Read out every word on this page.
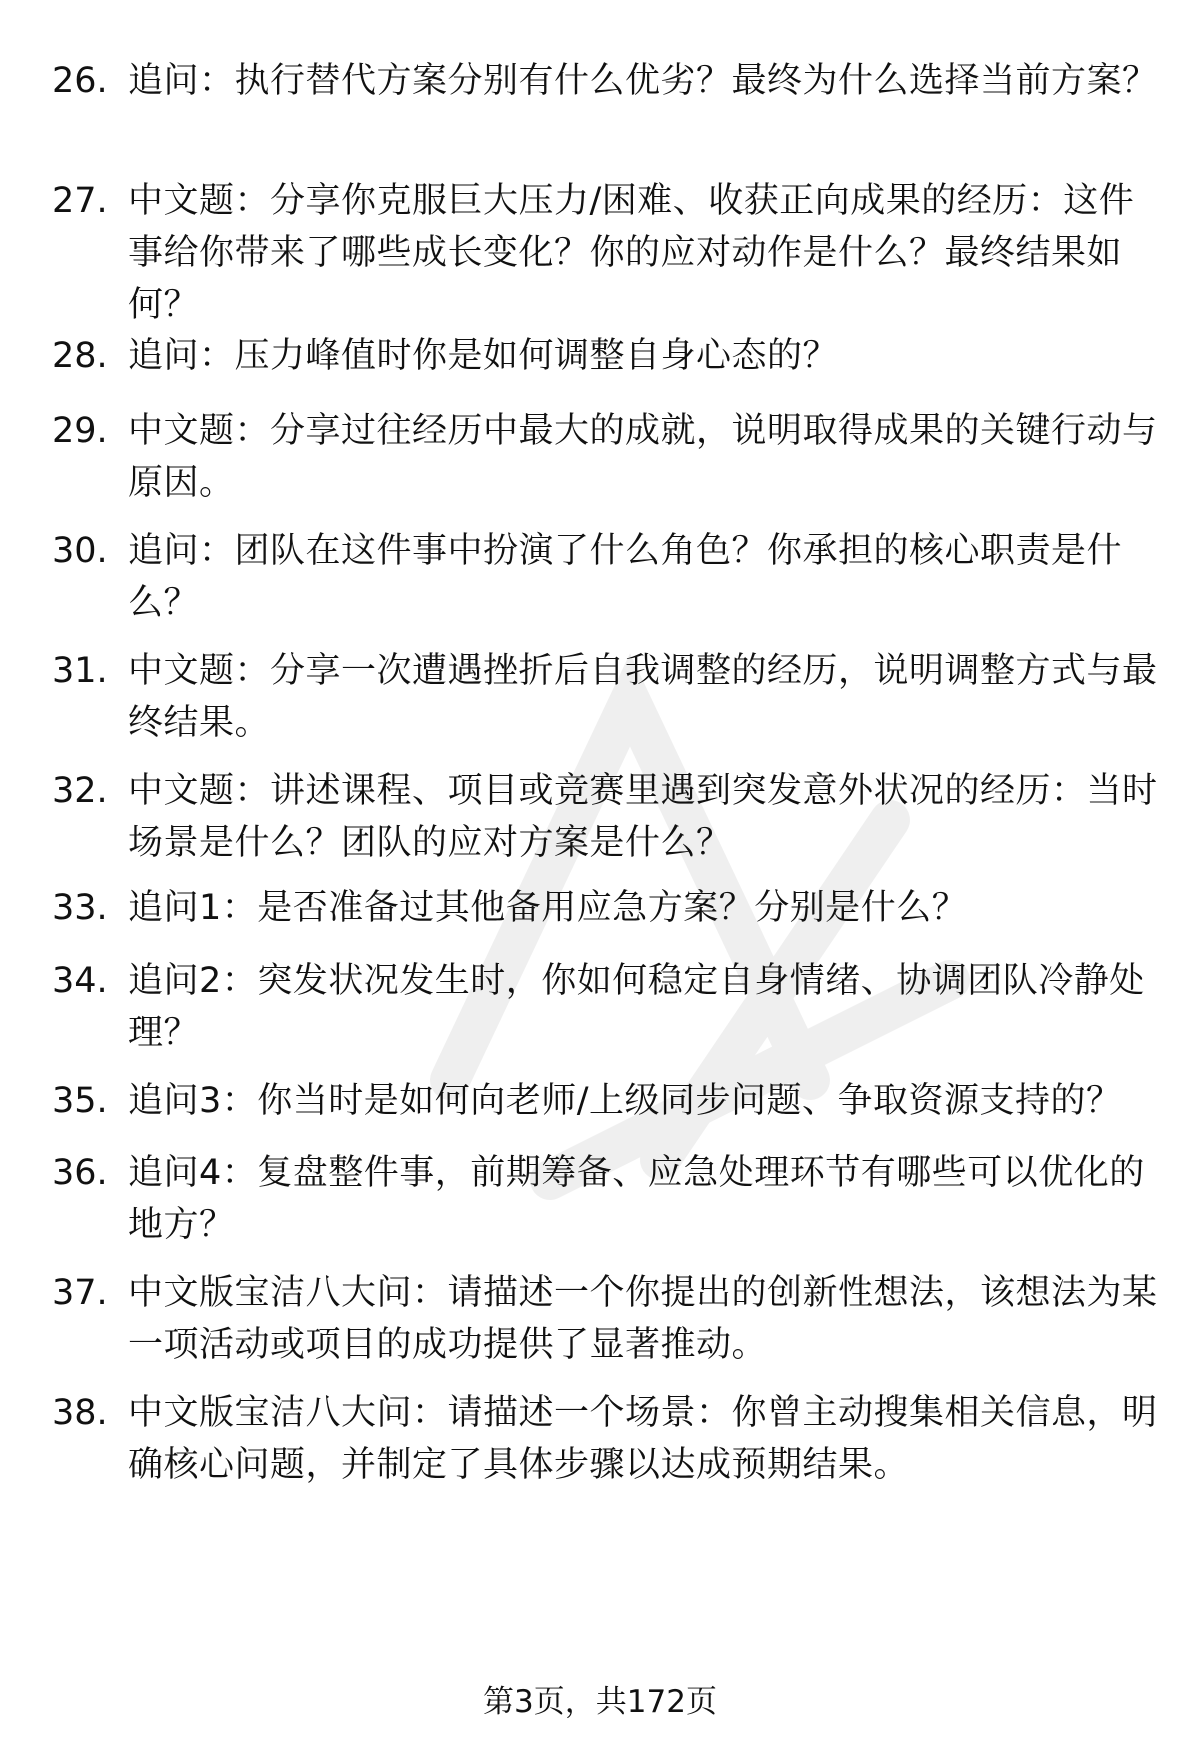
26. 追问：执行替代方案分别有什么优劣？最终为什么选择当前方案？
27. 中文题：分享你克服巨大压力/困难、收获正向成果的经历：这件事给你带来了哪些成长变化？你的应对动作是什么？最终结果如何？
28. 追问：压力峰值时你是如何调整自身心态的？
29. 中文题：分享过往经历中最大的成就，说明取得成果的关键行动与原因。
30. 追问：团队在这件事中扮演了什么角色？你承担的核心职责是什么？
31. 中文题：分享一次遭遇挫折后自我调整的经历，说明调整方式与最终结果。
32. 中文题：讲述课程、项目或竞赛里遇到突发意外状况的经历：当时场景是什么？团队的应对方案是什么？
33. 追问1：是否准备过其他备用应急方案？分别是什么？
34. 追问2：突发状况发生时，你如何稳定自身情绪、协调团队冷静处理？
35. 追问3：你当时是如何向老师/上级同步问题、争取资源支持的？
36. 追问4：复盘整件事，前期筹备、应急处理环节有哪些可以优化的地方？
37. 中文版宝洁八大问：请描述一个你提出的创新性想法，该想法为某一项活动或项目的成功提供了显著推动。
38. 中文版宝洁八大问：请描述一个场景：你曾主动搜集相关信息，明确核心问题，并制定了具体步骤以达成预期结果。
第3页，共172页
